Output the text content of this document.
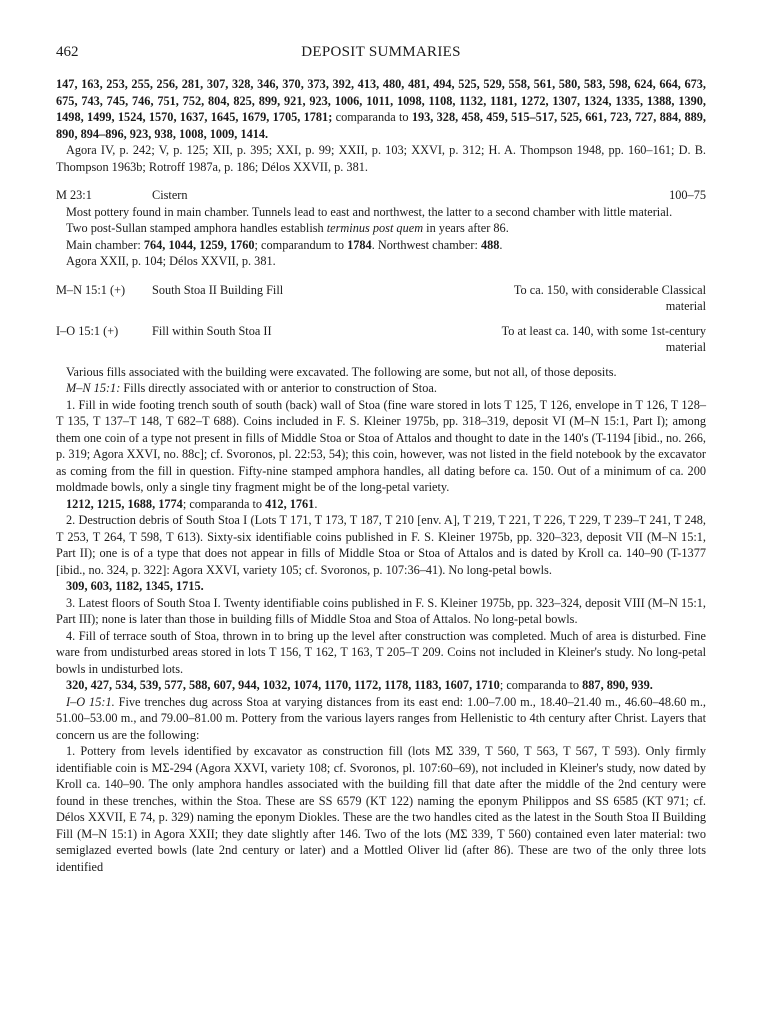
462	DEPOSIT SUMMARIES

147, 163, 253, 255, 256, 281, 307, 328, 346, 370, 373, 392, 413, 480, 481, 494, 525, 529, 558, 561, 580, 583, 598, 624, 664, 673, 675, 743, 745, 746, 751, 752, 804, 825, 899, 921, 923, 1006, 1011, 1098, 1108, 1132, 1181, 1272, 1307, 1324, 1335, 1388, 1390, 1498, 1499, 1524, 1570, 1637, 1645, 1679, 1705, 1781; comparanda to 193, 328, 458, 459, 515–517, 525, 661, 723, 727, 884, 889, 890, 894–896, 923, 938, 1008, 1009, 1414.

Agora IV, p. 242; V, p. 125; XII, p. 395; XXI, p. 99; XXII, p. 103; XXVI, p. 312; H. A. Thompson 1948, pp. 160–161; D. B. Thompson 1963b; Rotroff 1987a, p. 186; Délos XXVII, p. 381.

M 23:1	Cistern	100–75

Most pottery found in main chamber. Tunnels lead to east and northwest, the latter to a second chamber with little material.

Two post-Sullan stamped amphora handles establish terminus post quem in years after 86.

Main chamber: 764, 1044, 1259, 1760; comparandum to 1784. Northwest chamber: 488.

Agora XXII, p. 104; Délos XXVII, p. 381.

M–N 15:1 (+)	South Stoa II Building Fill	To ca. 150, with considerable Classical material
I–O 15:1 (+)	Fill within South Stoa II	To at least ca. 140, with some 1st-century material

Various fills associated with the building were excavated. The following are some, but not all, of those deposits.

M–N 15:1: Fills directly associated with or anterior to construction of Stoa.

1. Fill in wide footing trench south of south (back) wall of Stoa (fine ware stored in lots T 125, T 126, envelope in T 126, T 128–T 135, T 137–T 148, T 682–T 688). Coins included in F. S. Kleiner 1975b, pp. 318–319, deposit VI (M–N 15:1, Part I); among them one coin of a type not present in fills of Middle Stoa or Stoa of Attalos and thought to date in the 140's (T-1194 [ibid., no. 266, p. 319; Agora XXVI, no. 88c]; cf. Svoronos, pl. 22:53, 54); this coin, however, was not listed in the field notebook by the excavator as coming from the fill in question. Fifty-nine stamped amphora handles, all dating before ca. 150. Out of a minimum of ca. 200 moldmade bowls, only a single tiny fragment might be of the long-petal variety.

1212, 1215, 1688, 1774; comparanda to 412, 1761.

2. Destruction debris of South Stoa I (Lots T 171, T 173, T 187, T 210 [env. A], T 219, T 221, T 226, T 229, T 239–T 241, T 248, T 253, T 264, T 598, T 613). Sixty-six identifiable coins published in F. S. Kleiner 1975b, pp. 320–323, deposit VII (M–N 15:1, Part II); one is of a type that does not appear in fills of Middle Stoa or Stoa of Attalos and is dated by Kroll ca. 140–90 (T-1377 [ibid., no. 324, p. 322]: Agora XXVI, variety 105; cf. Svoronos, p. 107:36–41). No long-petal bowls.

309, 603, 1182, 1345, 1715.

3. Latest floors of South Stoa I. Twenty identifiable coins published in F. S. Kleiner 1975b, pp. 323–324, deposit VIII (M–N 15:1, Part III); none is later than those in building fills of Middle Stoa and Stoa of Attalos. No long-petal bowls.

4. Fill of terrace south of Stoa, thrown in to bring up the level after construction was completed. Much of area is disturbed. Fine ware from undisturbed areas stored in lots T 156, T 162, T 163, T 205–T 209. Coins not included in Kleiner's study. No long-petal bowls in undisturbed lots.

320, 427, 534, 539, 577, 588, 607, 944, 1032, 1074, 1170, 1172, 1178, 1183, 1607, 1710; comparanda to 887, 890, 939.

I–O 15:1. Five trenches dug across Stoa at varying distances from its east end: 1.00–7.00 m., 18.40–21.40 m., 46.60–48.60 m., 51.00–53.00 m., and 79.00–81.00 m. Pottery from the various layers ranges from Hellenistic to 4th century after Christ. Layers that concern us are the following:

1. Pottery from levels identified by excavator as construction fill (lots ΜΣ 339, T 560, T 563, T 567, T 593). Only firmly identifiable coin is ΜΣ-294 (Agora XXVI, variety 108; cf. Svoronos, pl. 107:60–69), not included in Kleiner's study, now dated by Kroll ca. 140–90. The only amphora handles associated with the building fill that date after the middle of the 2nd century were found in these trenches, within the Stoa. These are SS 6579 (KT 122) naming the eponym Philippos and SS 6585 (KT 971; cf. Délos XXVII, E 74, p. 329) naming the eponym Diokles. These are the two handles cited as the latest in the South Stoa II Building Fill (M–N 15:1) in Agora XXII; they date slightly after 146. Two of the lots (ΜΣ 339, T 560) contained even later material: two semiglazed everted bowls (late 2nd century or later) and a Mottled Oliver lid (after 86). These are two of the only three lots identified
